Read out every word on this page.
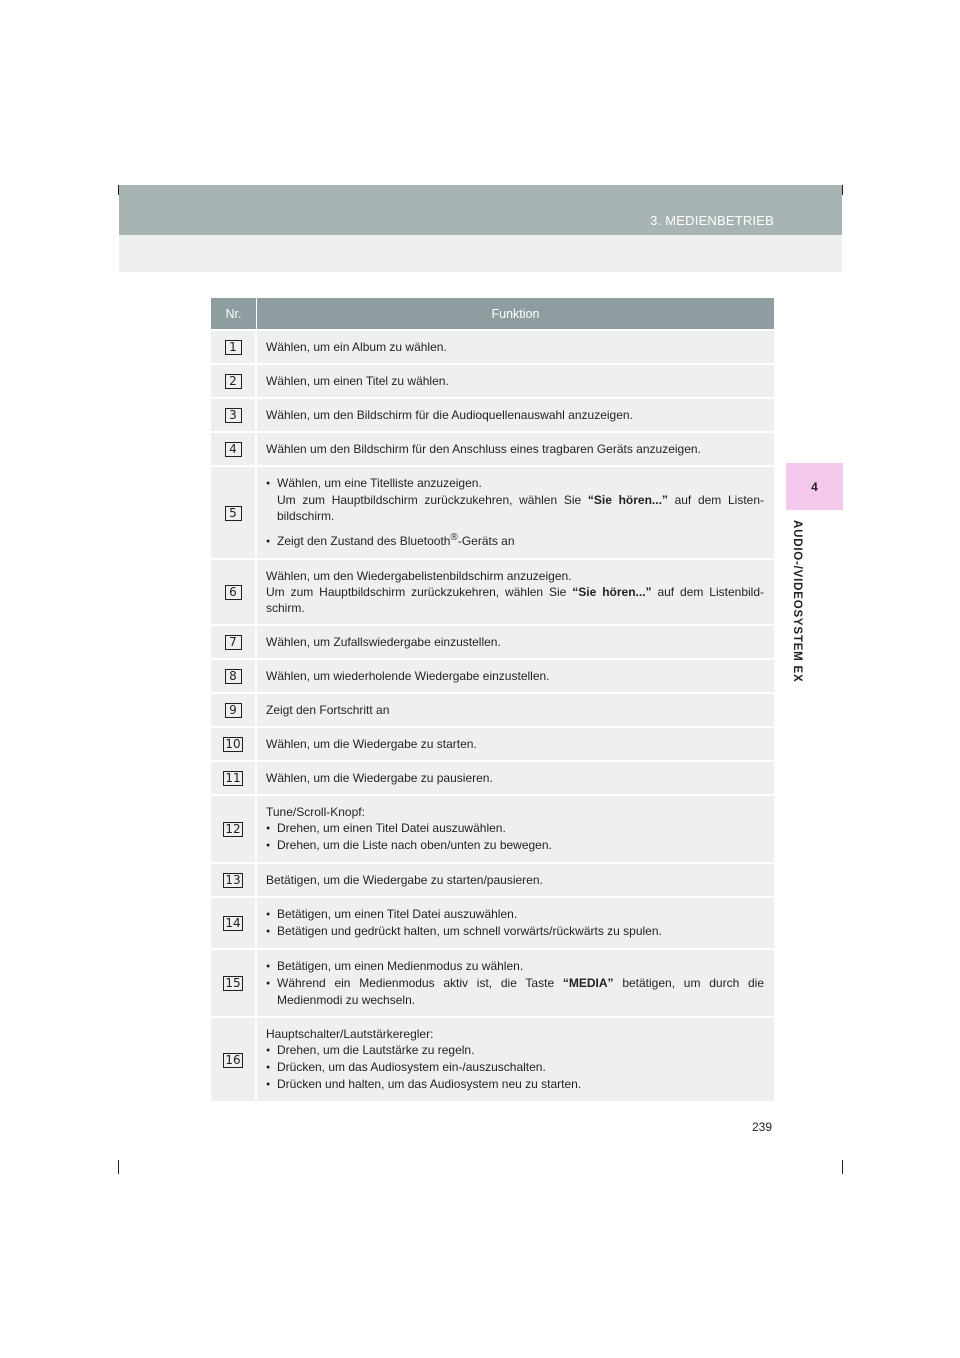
3. MEDIENBETRIEB
4
AUDIO-/VIDEOSYSTEM EX
Nr.	Funktion
1	Wählen, um ein Album zu wählen.
2	Wählen, um einen Titel zu wählen.
3	Wählen, um den Bildschirm für die Audioquellenauswahl anzuzeigen.
4	Wählen um den Bildschirm für den Anschluss eines tragbaren Geräts anzuzeigen.
5	● Wählen, um eine Titelliste anzuzeigen.
Um zum Hauptbildschirm zurückzukehren, wählen Sie “Sie hören...” auf dem Listen-bildschirm.
● Zeigt den Zustand des Bluetooth®-Geräts an

6	Wählen, um den Wiedergabelistenbildschirm anzuzeigen.
Um zum Hauptbildschirm zurückzukehren, wählen Sie “Sie hören...” auf dem Listenbild-schirm.

7	Wählen, um Zufallswiedergabe einzustellen.
8	Wählen, um wiederholende Wiedergabe einzustellen.
9	Zeigt den Fortschritt an
10	Wählen, um die Wiedergabe zu starten.
11	Wählen, um die Wiedergabe zu pausieren.
12	Tune/Scroll-Knopf:
● Drehen, um einen Titel Datei auszuwählen.
● Drehen, um die Liste nach oben/unten zu bewegen.

13	Betätigen, um die Wiedergabe zu starten/pausieren.
14	● Betätigen, um einen Titel Datei auszuwählen.
● Betätigen und gedrückt halten, um schnell vorwärts/rückwärts zu spulen.

15	● Betätigen, um einen Medienmodus zu wählen.
● Während ein Medienmodus aktiv ist, die Taste “MEDIA” betätigen, um durch die Medienmodi zu wechseln.

16	Hauptschalter/Lautstärkeregler:
● Drehen, um die Lautstärke zu regeln.
● Drücken, um das Audiosystem ein-/auszuschalten.
● Drücken und halten, um das Audiosystem neu zu starten.
239
